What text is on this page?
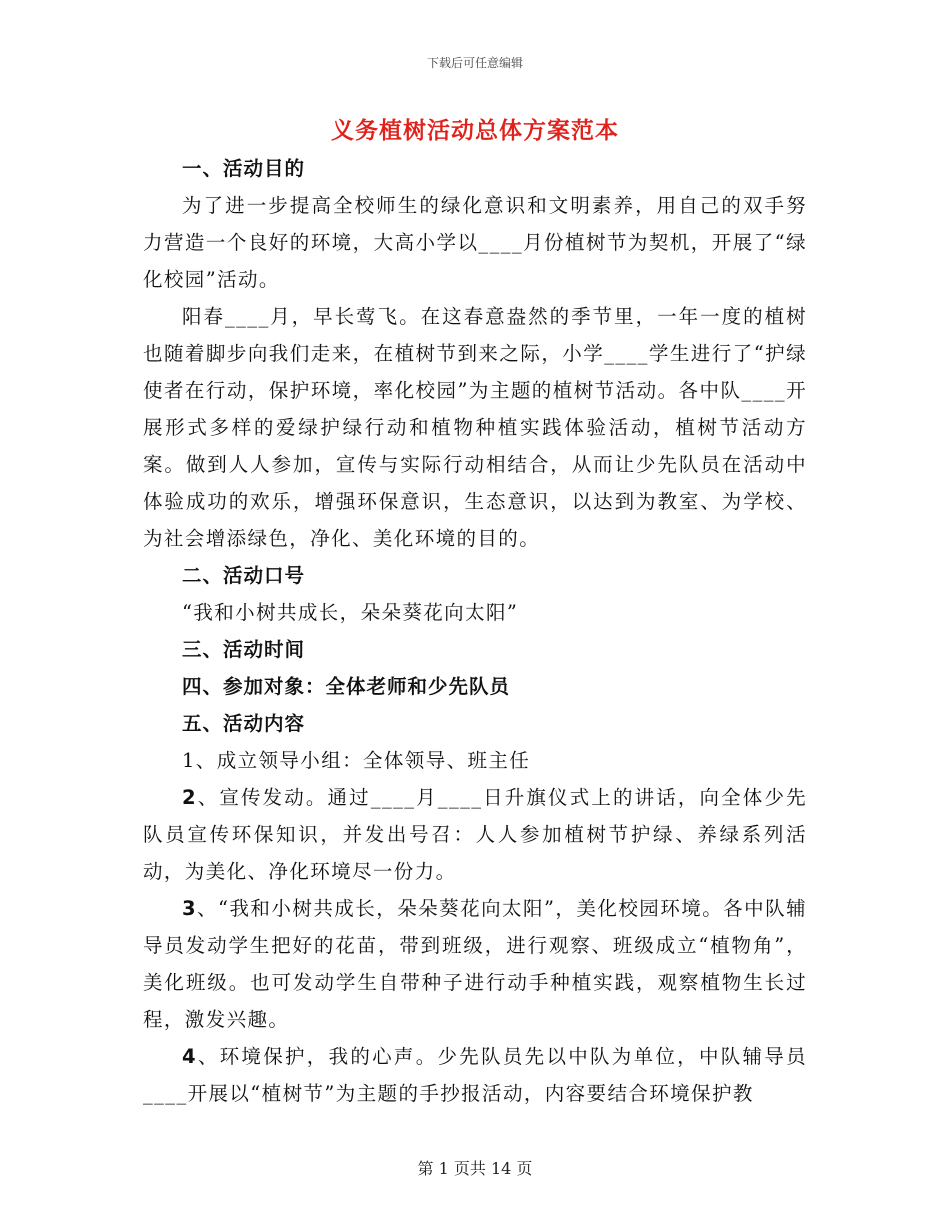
下载后可任意编辑
义务植树活动总体方案范本

一、活动目的

为了进一步提高全校师生的绿化意识和文明素养，用自己的双手努力营造一个良好的环境，大高小学以____月份植树节为契机，开展了“绿化校园”活动。

阳春____月，早长莺飞。在这春意盎然的季节里，一年一度的植树也随着脚步向我们走来，在植树节到来之际，小学____学生进行了“护绿使者在行动，保护环境，率化校园”为主题的植树节活动。各中队____开展形式多样的爱绿护绿行动和植物种植实践体验活动，植树节活动方案。做到人人参加，宣传与实际行动相结合，从而让少先队员在活动中体验成功的欢乐，增强环保意识，生态意识，以达到为教室、为学校、为社会增添绿色，净化、美化环境的目的。

二、活动口号

“我和小树共成长，朵朵葵花向太阳”

三、活动时间

四、参加对象：全体老师和少先队员

五、活动内容

1、成立领导小组：全体领导、班主任

2、宣传发动。通过____月____日升旗仪式上的讲话，向全体少先队员宣传环保知识，并发出号召：人人参加植树节护绿、养绿系列活动，为美化、净化环境尽一份力。

3、“我和小树共成长，朵朵葵花向太阳”，美化校园环境。各中队辅导员发动学生把好的花苗，带到班级，进行观察、班级成立“植物角”，美化班级。也可发动学生自带种子进行动手种植实践，观察植物生长过程，激发兴趣。

4、环境保护，我的心声。少先队员先以中队为单位，中队辅导员____开展以“植树节”为主题的手抄报活动，内容要结合环境保护教

第 1 页共 14 页
